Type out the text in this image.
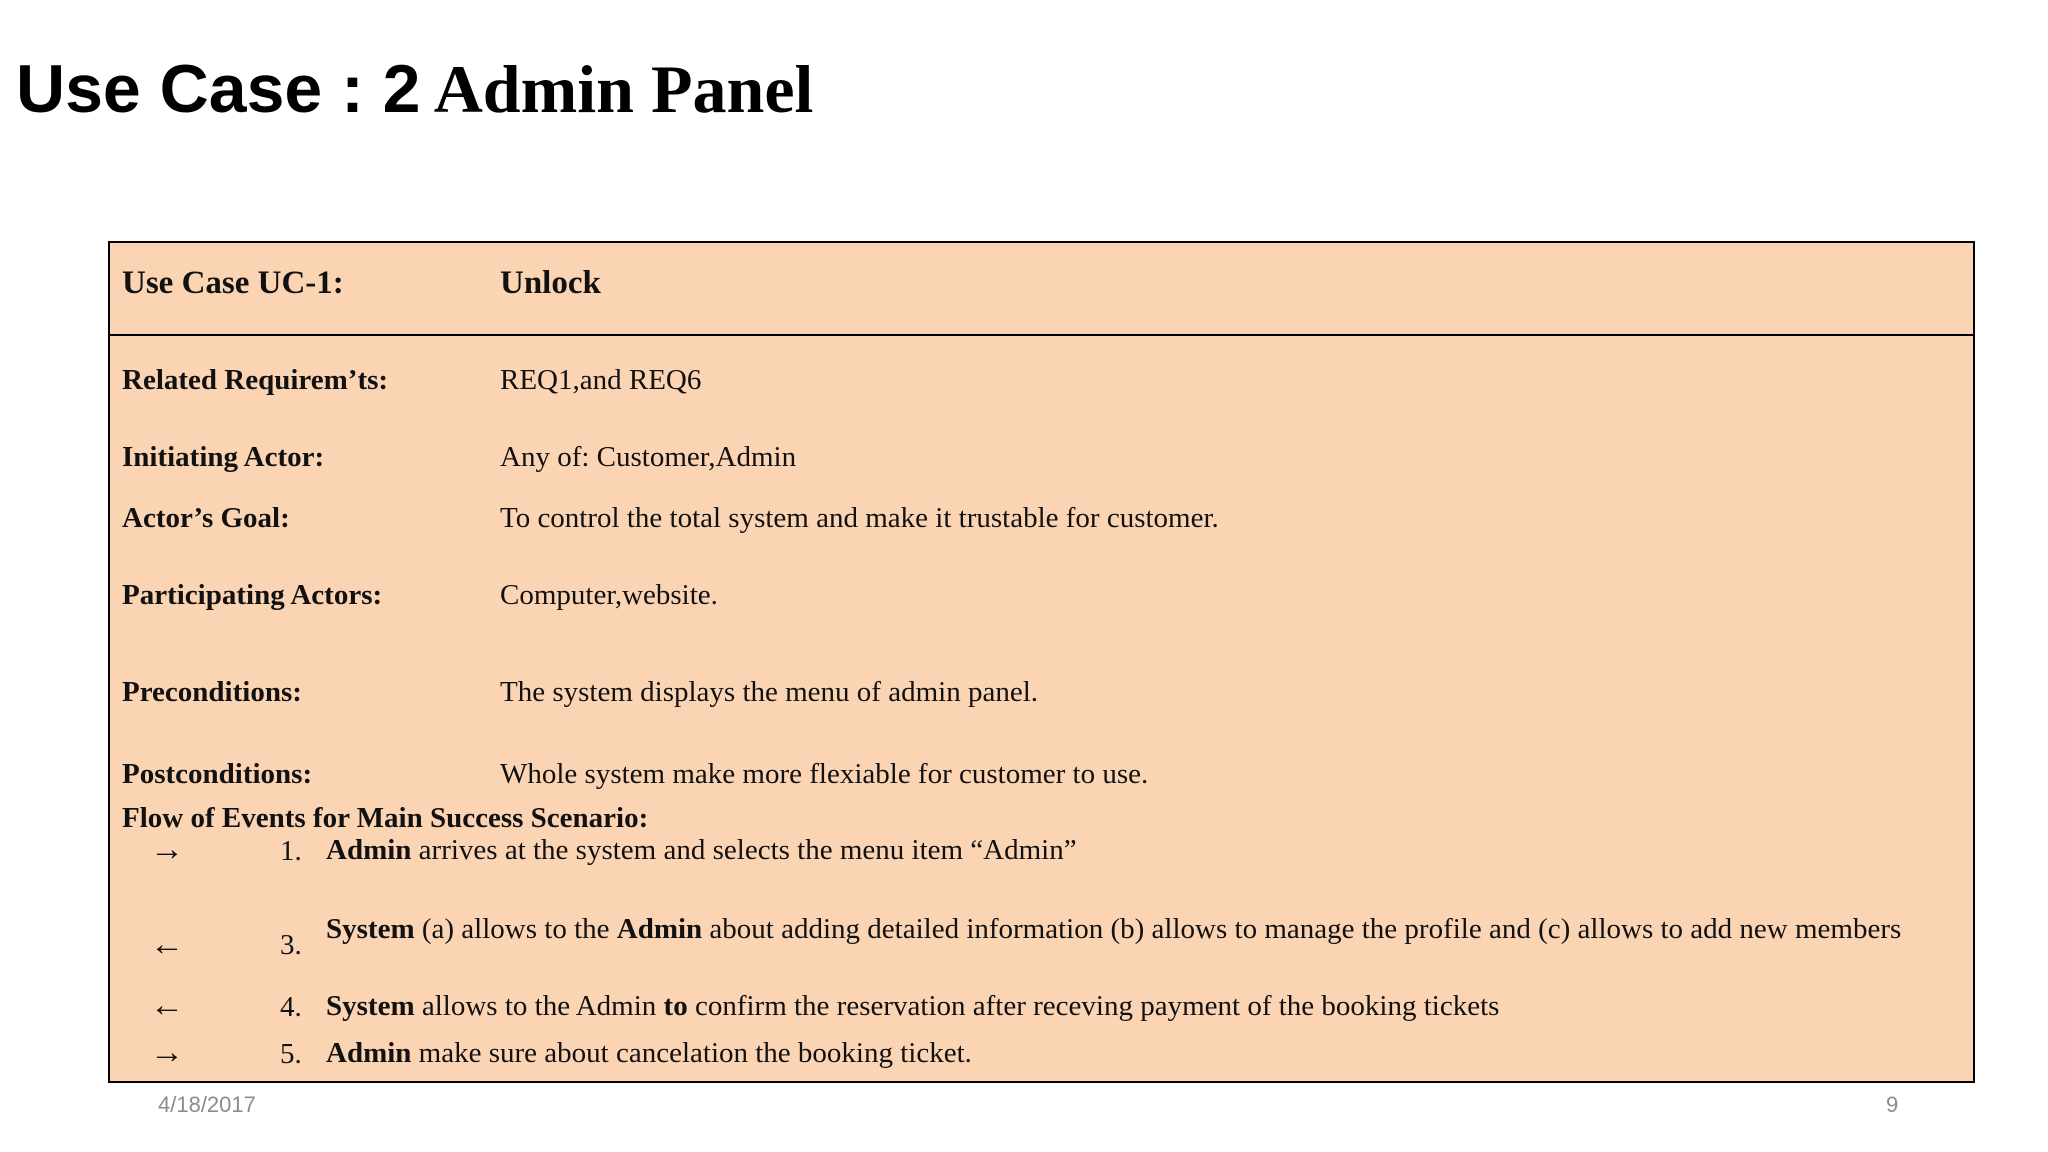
Use Case : 2 Admin Panel
Use Case UC-1:	Unlock
Related Requirem’ts:	REQ1,and REQ6
Initiating Actor:	Any of: Customer,Admin
Actor’s Goal:	To control the total system and make it trustable for customer.
Participating Actors:	Computer,website.
Preconditions:	The system displays the menu of admin panel.
Postconditions:	Whole system make more flexiable for customer to use.
Flow of Events for Main Success Scenario:
→	1. Admin arrives at the system and selects the menu item “Admin”
←	3. System (a) allows to the Admin about adding detailed information (b) allows to manage the profile and (c) allows to add new members
←	4. System allows to the Admin to confirm the reservation after receving payment of the booking tickets
→	5. Admin make sure about cancelation the booking ticket.
4/18/2017	9
